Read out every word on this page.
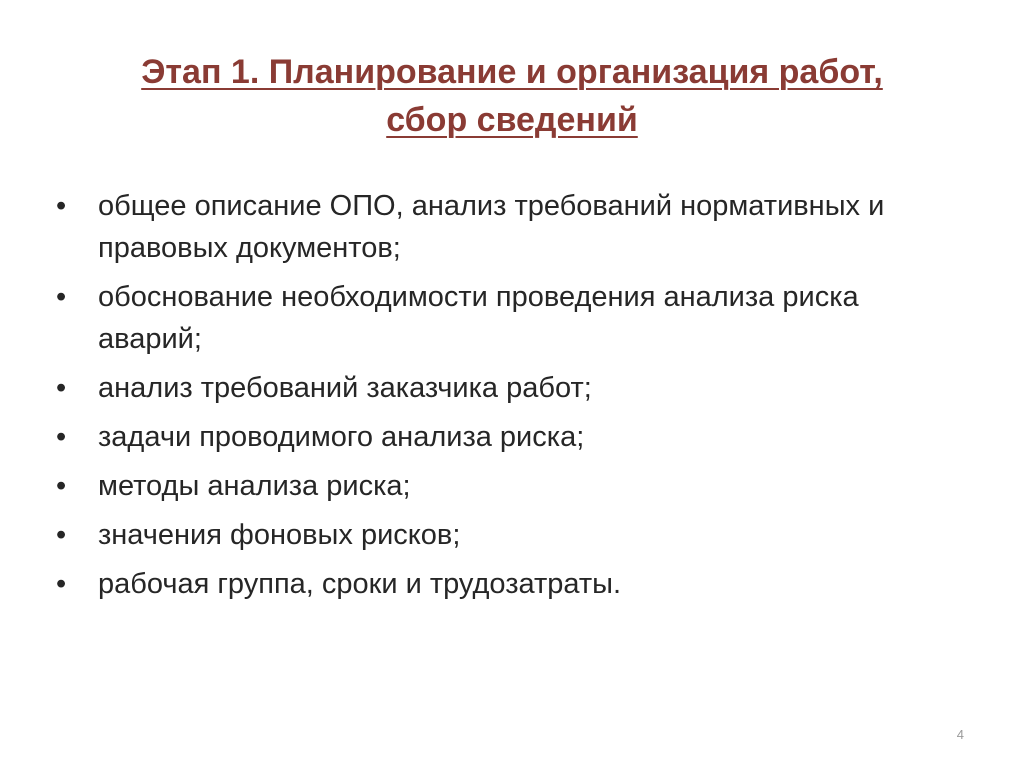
Этап 1. Планирование и организация работ,
сбор сведений
•	общее описание ОПО, анализ требований нормативных и правовых документов;
•	обоснование необходимости проведения анализа риска аварий;
•	анализ требований заказчика работ;
•	задачи проводимого анализа риска;
•	методы анализа риска;
•	значения фоновых рисков;
•	рабочая группа, сроки и трудозатраты.
4
